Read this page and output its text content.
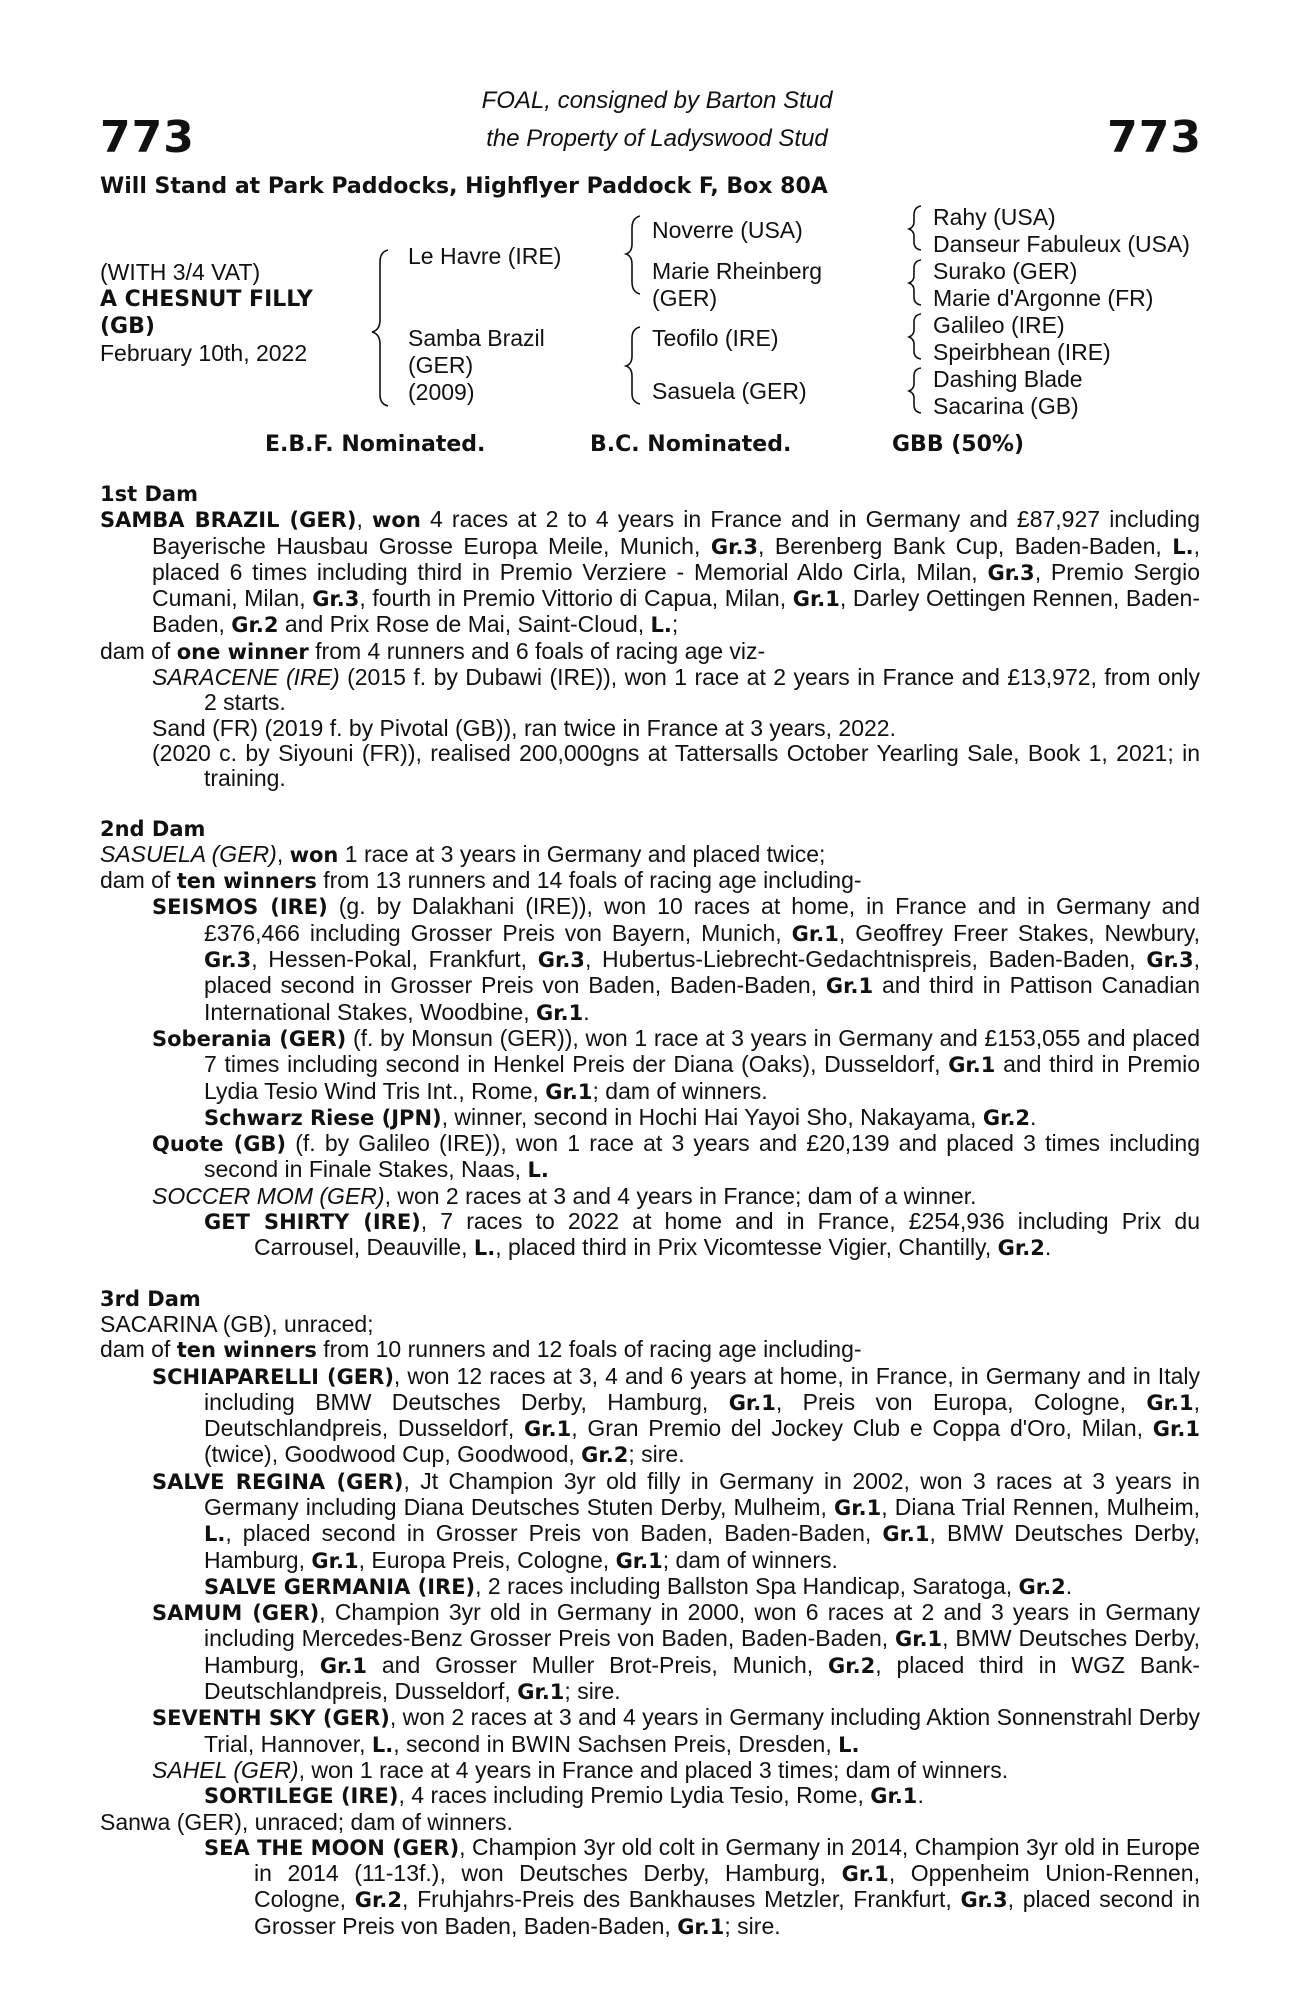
773	773
FOAL, consigned by Barton Stud
the Property of Ladyswood Stud
Will Stand at Park Paddocks, Highflyer Paddock F, Box 80A
(WITH 3/4 VAT)
A CHESNUT FILLY
(GB)
February 10th, 2022
Le Havre (IRE)
Samba Brazil
(GER)
(2009)
Noverre (USA)
Marie Rheinberg
(GER)
Teofilo (IRE)
Sasuela (GER)
Rahy (USA)
Danseur Fabuleux (USA)
Surako (GER)
Marie d'Argonne (FR)
Galileo (IRE)
Speirbhean (IRE)
Dashing Blade
Sacarina (GB)
E.B.F. Nominated.	B.C. Nominated.	GBB (50%)
1st Dam

SAMBA BRAZIL (GER), won 4 races at 2 to 4 years in France and in Germany and £87,927 including Bayerische Hausbau Grosse Europa Meile, Munich, Gr.3, Berenberg Bank Cup, Baden-Baden, L., placed 6 times including third in Premio Verziere - Memorial Aldo Cirla, Milan, Gr.3, Premio Sergio Cumani, Milan, Gr.3, fourth in Premio Vittorio di Capua, Milan, Gr.1, Darley Oettingen Rennen, Baden-Baden, Gr.2 and Prix Rose de Mai, Saint-Cloud, L.;

dam of one winner from 4 runners and 6 foals of racing age viz-

SARACENE (IRE) (2015 f. by Dubawi (IRE)), won 1 race at 2 years in France and £13,972, from only 2 starts.

Sand (FR) (2019 f. by Pivotal (GB)), ran twice in France at 3 years, 2022.

(2020 c. by Siyouni (FR)), realised 200,000gns at Tattersalls October Yearling Sale, Book 1, 2021; in training.

2nd Dam

SASUELA (GER), won 1 race at 3 years in Germany and placed twice;

dam of ten winners from 13 runners and 14 foals of racing age including-

SEISMOS (IRE) (g. by Dalakhani (IRE)), won 10 races at home, in France and in Germany and £376,466 including Grosser Preis von Bayern, Munich, Gr.1, Geoffrey Freer Stakes, Newbury, Gr.3, Hessen-Pokal, Frankfurt, Gr.3, Hubertus-Liebrecht-Gedachtnispreis, Baden-Baden, Gr.3, placed second in Grosser Preis von Baden, Baden-Baden, Gr.1 and third in Pattison Canadian International Stakes, Woodbine, Gr.1.

Soberania (GER) (f. by Monsun (GER)), won 1 race at 3 years in Germany and £153,055 and placed 7 times including second in Henkel Preis der Diana (Oaks), Dusseldorf, Gr.1 and third in Premio Lydia Tesio Wind Tris Int., Rome, Gr.1; dam of winners.

Schwarz Riese (JPN), winner, second in Hochi Hai Yayoi Sho, Nakayama, Gr.2.

Quote (GB) (f. by Galileo (IRE)), won 1 race at 3 years and £20,139 and placed 3 times including second in Finale Stakes, Naas, L.

SOCCER MOM (GER), won 2 races at 3 and 4 years in France; dam of a winner.

GET SHIRTY (IRE), 7 races to 2022 at home and in France, £254,936 including Prix du Carrousel, Deauville, L., placed third in Prix Vicomtesse Vigier, Chantilly, Gr.2.

3rd Dam

SACARINA (GB), unraced;

dam of ten winners from 10 runners and 12 foals of racing age including-

SCHIAPARELLI (GER), won 12 races at 3, 4 and 6 years at home, in France, in Germany and in Italy including BMW Deutsches Derby, Hamburg, Gr.1, Preis von Europa, Cologne, Gr.1, Deutschlandpreis, Dusseldorf, Gr.1, Gran Premio del Jockey Club e Coppa d'Oro, Milan, Gr.1 (twice), Goodwood Cup, Goodwood, Gr.2; sire.

SALVE REGINA (GER), Jt Champion 3yr old filly in Germany in 2002, won 3 races at 3 years in Germany including Diana Deutsches Stuten Derby, Mulheim, Gr.1, Diana Trial Rennen, Mulheim, L., placed second in Grosser Preis von Baden, Baden-Baden, Gr.1, BMW Deutsches Derby, Hamburg, Gr.1, Europa Preis, Cologne, Gr.1; dam of winners.

SALVE GERMANIA (IRE), 2 races including Ballston Spa Handicap, Saratoga, Gr.2.

SAMUM (GER), Champion 3yr old in Germany in 2000, won 6 races at 2 and 3 years in Germany including Mercedes-Benz Grosser Preis von Baden, Baden-Baden, Gr.1, BMW Deutsches Derby, Hamburg, Gr.1 and Grosser Muller Brot-Preis, Munich, Gr.2, placed third in WGZ Bank-Deutschlandpreis, Dusseldorf, Gr.1; sire.

SEVENTH SKY (GER), won 2 races at 3 and 4 years in Germany including Aktion Sonnenstrahl Derby Trial, Hannover, L., second in BWIN Sachsen Preis, Dresden, L.

SAHEL (GER), won 1 race at 4 years in France and placed 3 times; dam of winners.

SORTILEGE (IRE), 4 races including Premio Lydia Tesio, Rome, Gr.1.

Sanwa (GER), unraced; dam of winners.

SEA THE MOON (GER), Champion 3yr old colt in Germany in 2014, Champion 3yr old in Europe in 2014 (11-13f.), won Deutsches Derby, Hamburg, Gr.1, Oppenheim Union-Rennen, Cologne, Gr.2, Fruhjahrs-Preis des Bankhauses Metzler, Frankfurt, Gr.3, placed second in Grosser Preis von Baden, Baden-Baden, Gr.1; sire.
